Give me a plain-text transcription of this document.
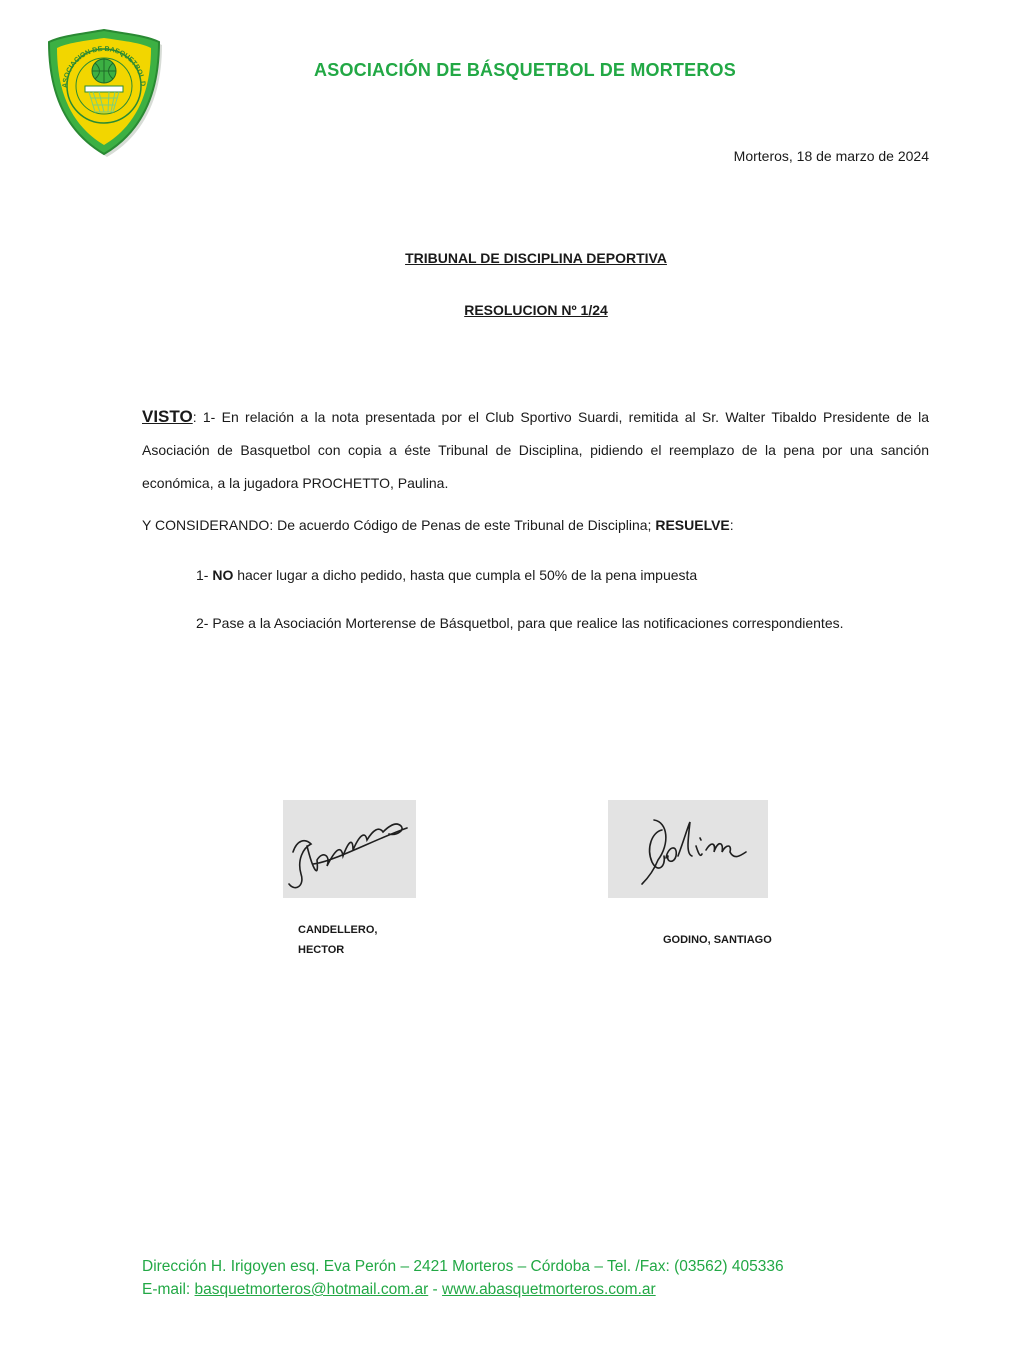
ASOCIACION DE BASQUETBOL D
ASOCIACIÓN DE BÁSQUETBOL DE MORTEROS
Morteros, 18 de marzo de 2024
TRIBUNAL DE DISCIPLINA DEPORTIVA
RESOLUCION Nº 1/24
VISTO: 1- En relación a la nota presentada por el Club Sportivo Suardi, remitida al Sr. Walter Tibaldo Presidente de la Asociación de Basquetbol con copia a éste Tribunal de Disciplina, pidiendo el reemplazo de la pena por una sanción económica, a la jugadora PROCHETTO, Paulina.
Y CONSIDERANDO: De acuerdo Código de Penas de este Tribunal de Disciplina; RESUELVE:
1- NO hacer lugar a dicho pedido, hasta que cumpla el 50% de la pena impuesta
2- Pase a la Asociación Morterense de Básquetbol, para que realice las notificaciones correspondientes.
CANDELLERO,
HECTOR
GODINO, SANTIAGO
Dirección H. Irigoyen esq. Eva Perón – 2421 Morteros – Córdoba – Tel. /Fax: (03562) 405336
E-mail: basquetmorteros@hotmail.com.ar - www.abasquetmorteros.com.ar
